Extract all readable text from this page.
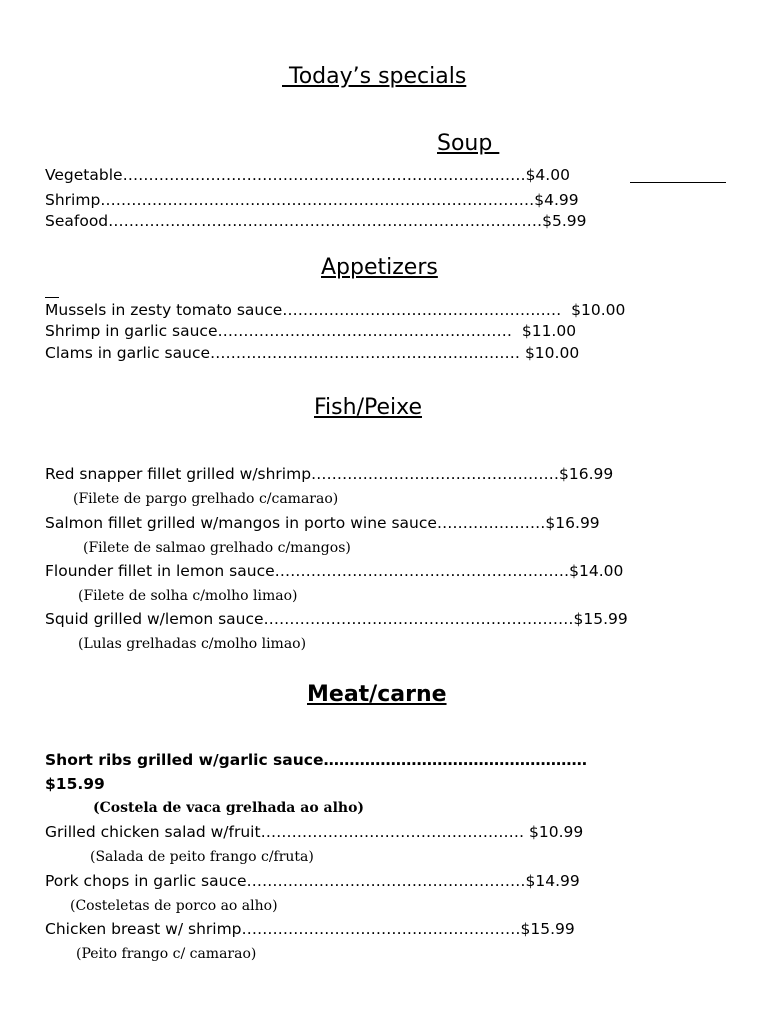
Today’s specials
Soup
Vegetable……………………………………………………………………$4.00
Shrimp…………………………………………………………………………$4.99
Seafood…………………………………………………………………………$5.99
Appetizers
Mussels in zesty tomato sauce………………………………………………  $10.00
Shrimp in garlic sauce…………………………………………………  $11.00
Clams in garlic sauce…………………………………………………… $10.00
Fish/Peixe
Red snapper fillet grilled w/shrimp…………………………………………$16.99
(Filete de pargo grelhado c/camarao)
Salmon fillet grilled w/mangos in porto wine sauce…………………$16.99
(Filete de salmao grelhado c/mangos)
Flounder fillet in lemon sauce…………………………………………………$14.00
(Filete de solha c/molho limao)
Squid grilled w/lemon sauce……………………………………………………$15.99
(Lulas grelhadas c/molho limao)
Meat/carne
Short ribs grilled w/garlic sauce……………………………………………
$15.99
(Costela de vaca grelhada ao alho)
Grilled chicken salad w/fruit…………………………………………… $10.99
(Salada de peito frango c/fruta)
Pork chops in garlic sauce………………………………………………$14.99
(Costeletas de porco ao alho)
Chicken breast w/ shrimp………………………………………………$15.99
(Peito frango c/ camarao)
